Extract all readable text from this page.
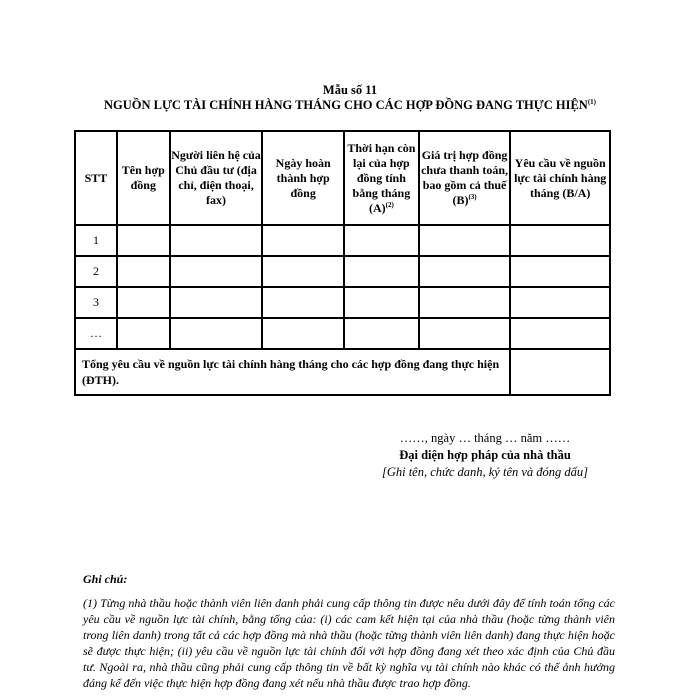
Mẫu số 11
NGUỒN LỰC TÀI CHÍNH HÀNG THÁNG CHO CÁC HỢP ĐỒNG ĐANG THỰC HIỆN$^{(1)}$
STT	Tên hợp đồng	Người liên hệ của Chủ đầu tư (địa chỉ, điện thoại, fax)	Ngày hoàn thành hợp đồng	Thời hạn còn lại của hợp đồng tính bằng tháng $(A)^{(2)}$	Giá trị hợp đồng chưa thanh toán, bao gồm cả thuế $(B)^{(3)}$	Yêu cầu về nguồn lực tài chính hàng tháng (B/A)
1						
2						
3						
…						
Tổng yêu cầu về nguồn lực tài chính hàng tháng cho các hợp đồng đang thực hiện (ĐTH).						
……, ngày … tháng … năm ……
Đại diện hợp pháp của nhà thầu
[Ghi tên, chức danh, ký tên và đóng dấu]
Ghi chú:

(1) Từng nhà thầu hoặc thành viên liên danh phải cung cấp thông tin được nêu dưới đây để tính toán tổng các yêu cầu về nguồn lực tài chính, bằng tổng của: (i) các cam kết hiện tại của nhà thầu (hoặc từng thành viên trong liên danh) trong tất cả các hợp đồng mà nhà thầu (hoặc từng thành viên liên danh) đang thực hiện hoặc sẽ được thực hiện; (ii) yêu cầu về nguồn lực tài chính đối với hợp đồng đang xét theo xác định của Chủ đầu tư. Ngoài ra, nhà thầu cũng phải cung cấp thông tin về bất kỳ nghĩa vụ tài chính nào khác có thể ảnh hưởng đáng kể đến việc thực hiện hợp đồng đang xét nếu nhà thầu được trao hợp đồng.
